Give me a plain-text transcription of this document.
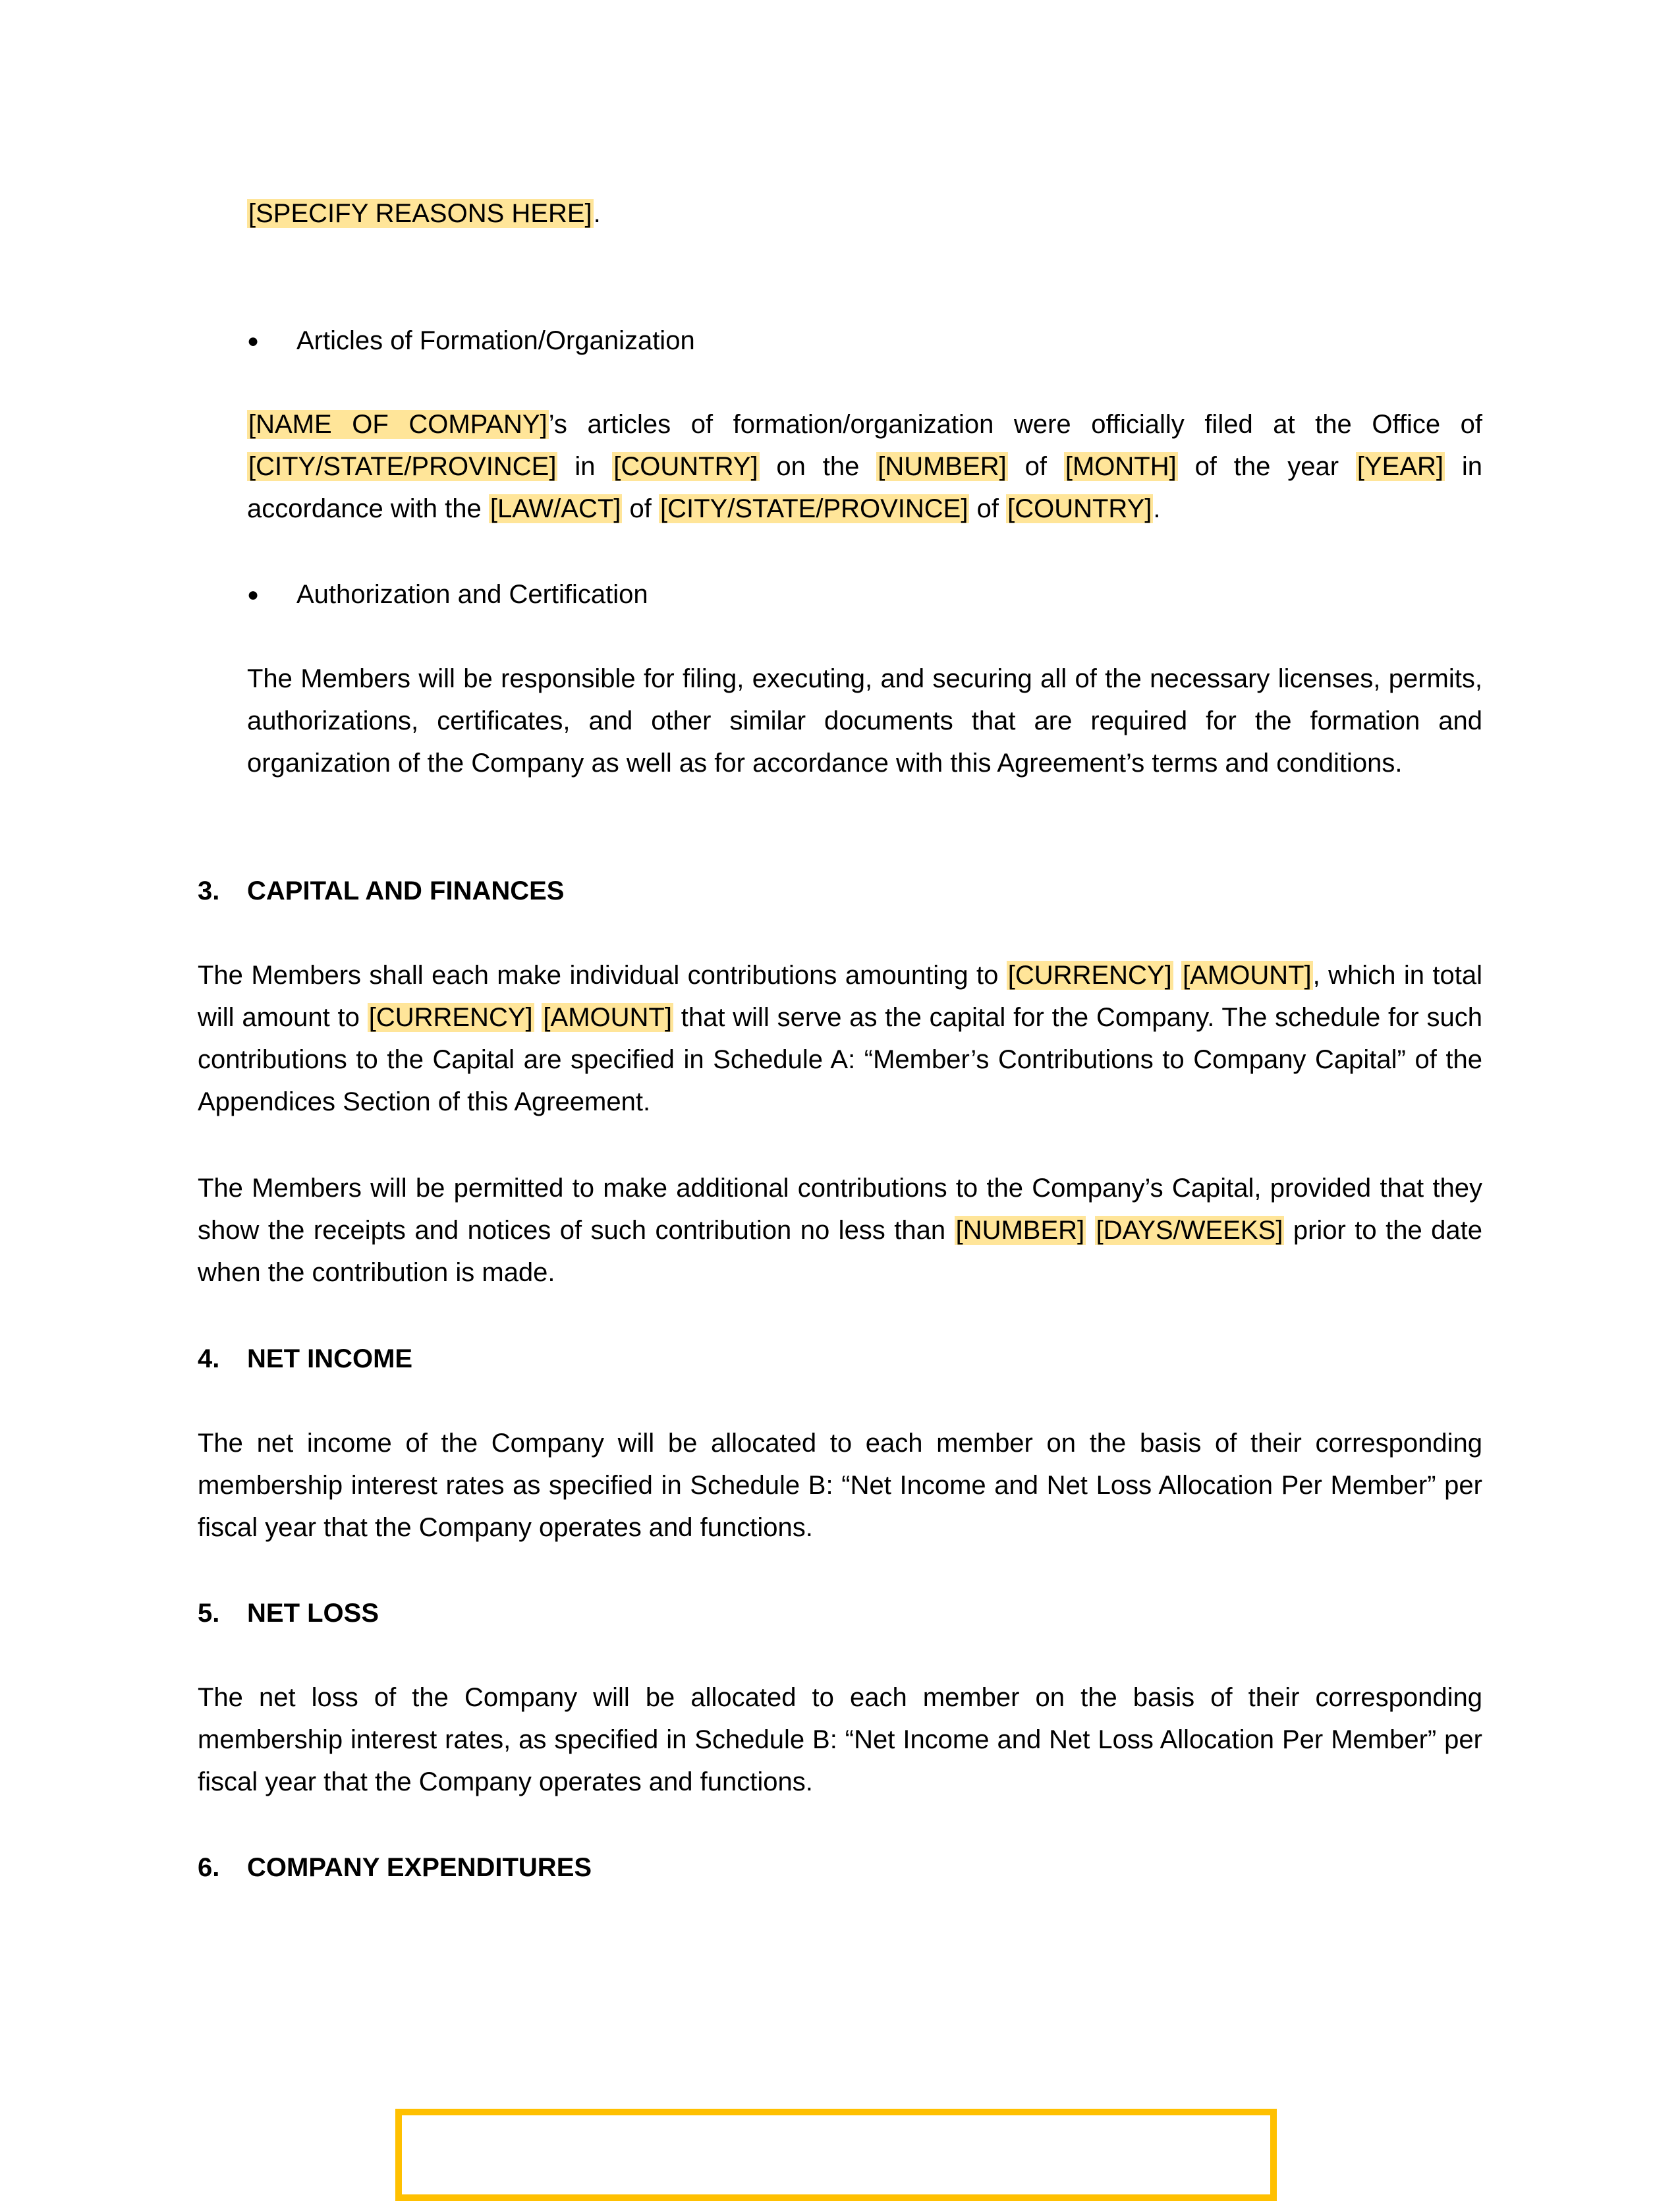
[SPECIFY REASONS HERE].
● Articles of Formation/Organization
[NAME OF COMPANY]’s articles of formation/organization were officially filed at the Office of [CITY/STATE/PROVINCE] in [COUNTRY] on the [NUMBER] of [MONTH] of the year [YEAR] in accordance with the [LAW/ACT] of [CITY/STATE/PROVINCE] of [COUNTRY].
● Authorization and Certification
The Members will be responsible for filing, executing, and securing all of the necessary licenses, permits, authorizations, certificates, and other similar documents that are required for the formation and organization of the Company as well as for accordance with this Agreement’s terms and conditions.
3. CAPITAL AND FINANCES
The Members shall each make individual contributions amounting to [CURRENCY] [AMOUNT], which in total will amount to [CURRENCY] [AMOUNT] that will serve as the capital for the Company. The schedule for such contributions to the Capital are specified in Schedule A: “Member’s Contributions to Company Capital” of the Appendices Section of this Agreement.
The Members will be permitted to make additional contributions to the Company’s Capital, provided that they show the receipts and notices of such contribution no less than [NUMBER] [DAYS/WEEKS] prior to the date when the contribution is made.
4. NET INCOME
The net income of the Company will be allocated to each member on the basis of their corresponding membership interest rates as specified in Schedule B: “Net Income and Net Loss Allocation Per Member” per fiscal year that the Company operates and functions.
5. NET LOSS
The net loss of the Company will be allocated to each member on the basis of their corresponding membership interest rates, as specified in Schedule B: “Net Income and Net Loss Allocation Per Member” per fiscal year that the Company operates and functions.
6. COMPANY EXPENDITURES
